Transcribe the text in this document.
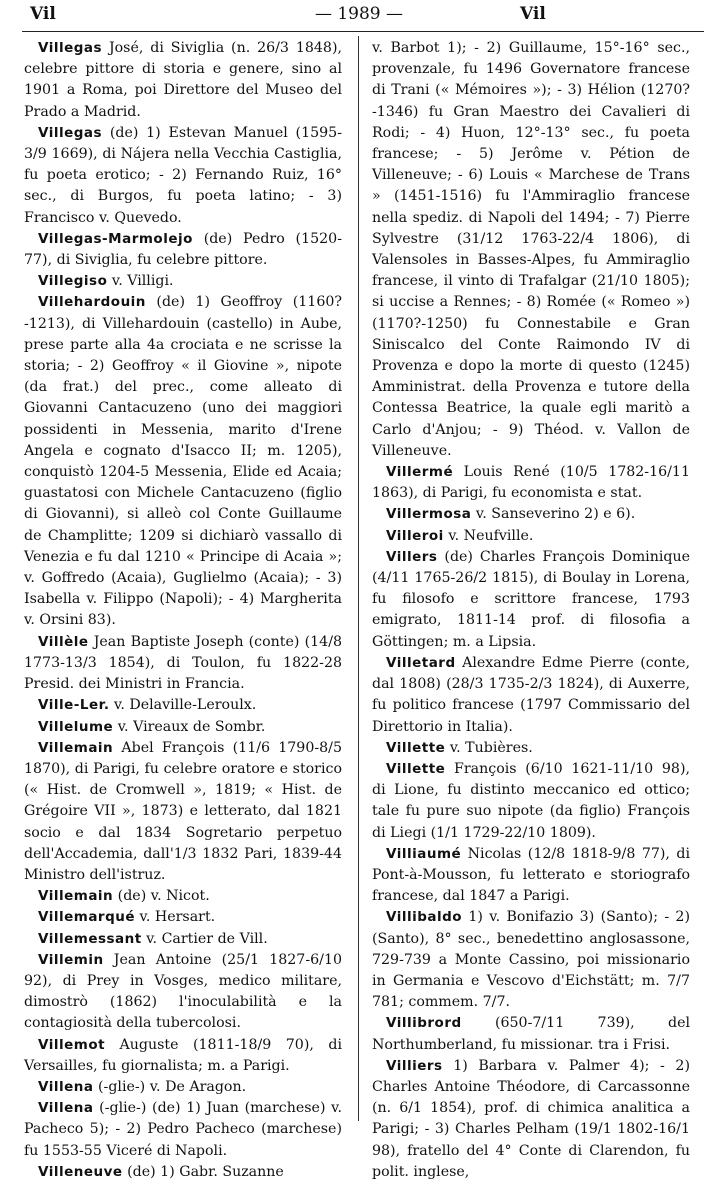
Vil	— 1989 —	Vil

Villegas José, di Siviglia (n. 26/3 1848), celebre pittore di storia e genere, sino al 1901 a Roma, poi Direttore del Museo del Prado a Madrid.

Villegas (de) 1) Estevan Manuel (1595-3/9 1669), di Nájera nella Vecchia Castiglia, fu poeta erotico; - 2) Fernando Ruiz, 16° sec., di Burgos, fu poeta latino; - 3) Francisco v. Quevedo.

Villegas-Marmolejo (de) Pedro (1520-77), di Siviglia, fu celebre pittore.

Villegiso v. Villigi.

Villehardouin (de) 1) Geoffroy (1160?-1213), di Villehardouin (castello) in Aube, prese parte alla 4a crociata e ne scrisse la storia; - 2) Geoffroy « il Giovine », nipote (da frat.) del prec., come alleato di Giovanni Cantacuzeno (uno dei maggiori possidenti in Messenia, marito d'Irene Angela e cognato d'Isacco II; m. 1205), conquistò 1204-5 Messenia, Elide ed Acaia; guastatosi con Michele Cantacuzeno (figlio di Giovanni), si alleò col Conte Guillaume de Champlitte; 1209 si dichiarò vassallo di Venezia e fu dal 1210 « Principe di Acaia »; v. Goffredo (Acaia), Guglielmo (Acaia); - 3) Isabella v. Filippo (Napoli); - 4) Margherita v. Orsini 83).

Villèle Jean Baptiste Joseph (conte) (14/8 1773-13/3 1854), di Toulon, fu 1822-28 Presid. dei Ministri in Francia.

Ville-Ler. v. Delaville-Leroulx.

Villelume v. Vireaux de Sombr.

Villemain Abel François (11/6 1790-8/5 1870), di Parigi, fu celebre oratore e storico (« Hist. de Cromwell », 1819; « Hist. de Grégoire VII », 1873) e letterato, dal 1821 socio e dal 1834 Sogretario perpetuo dell'Accademia, dall'1/3 1832 Pari, 1839-44 Ministro dell'istruz.

Villemain (de) v. Nicot.

Villemarqué v. Hersart.

Villemessant v. Cartier de Vill.

Villemin Jean Antoine (25/1 1827-6/10 92), di Prey in Vosges, medico militare, dimostrò (1862) l'inoculabilità e la contagiosità della tubercolosi.

Villemot Auguste (1811-18/9 70), di Versailles, fu giornalista; m. a Parigi.

Villena (-glie-) v. De Aragon.

Villena (-glie-) (de) 1) Juan (marchese) v. Pacheco 5); - 2) Pedro Pacheco (marchese) fu 1553-55 Viceré di Napoli.

Villeneuve (de) 1) Gabr. Suzanne

v. Barbot 1); - 2) Guillaume, 15°-16° sec., provenzale, fu 1496 Governatore francese di Trani (« Mémoires »); - 3) Hélion (1270?-1346) fu Gran Maestro dei Cavalieri di Rodi; - 4) Huon, 12°-13° sec., fu poeta francese; - 5) Jerôme v. Pétion de Villeneuve; - 6) Louis « Marchese de Trans » (1451-1516) fu l'Ammiraglio francese nella spediz. di Napoli del 1494; - 7) Pierre Sylvestre (31/12 1763-22/4 1806), di Valensoles in Basses-Alpes, fu Ammiraglio francese, il vinto di Trafalgar (21/10 1805); si uccise a Rennes; - 8) Romée (« Romeo ») (1170?-1250) fu Connestabile e Gran Siniscalco del Conte Raimondo IV di Provenza e dopo la morte di questo (1245) Amministrat. della Provenza e tutore della Contessa Beatrice, la quale egli maritò a Carlo d'Anjou; - 9) Théod. v. Vallon de Villeneuve.

Villermé Louis René (10/5 1782-16/11 1863), di Parigi, fu economista e stat.

Villermosa v. Sanseverino 2) e 6).

Villeroi v. Neufville.

Villers (de) Charles François Dominique (4/11 1765-26/2 1815), di Boulay in Lorena, fu filosofo e scrittore francese, 1793 emigrato, 1811-14 prof. di filosofia a Göttingen; m. a Lipsia.

Villetard Alexandre Edme Pierre (conte, dal 1808) (28/3 1735-2/3 1824), di Auxerre, fu politico francese (1797 Commissario del Direttorio in Italia).

Villette v. Tubières.

Villette François (6/10 1621-11/10 98), di Lione, fu distinto meccanico ed ottico; tale fu pure suo nipote (da figlio) François di Liegi (1/1 1729-22/10 1809).

Villiaumé Nicolas (12/8 1818-9/8 77), di Pont-à-Mousson, fu letterato e storiografo francese, dal 1847 a Parigi.

Villibaldo 1) v. Bonifazio 3) (Santo); - 2) (Santo), 8° sec., benedettino anglosassone, 729-739 a Monte Cassino, poi missionario in Germania e Vescovo d'Eichstätt; m. 7/7 781; commem. 7/7.

Villibrord (650-7/11 739), del Northumberland, fu missionar. tra i Frisi.

Villiers 1) Barbara v. Palmer 4); - 2) Charles Antoine Théodore, di Carcassonne (n. 6/1 1854), prof. di chimica analitica a Parigi; - 3) Charles Pelham (19/1 1802-16/1 98), fratello del 4° Conte di Clarendon, fu polit. inglese,
